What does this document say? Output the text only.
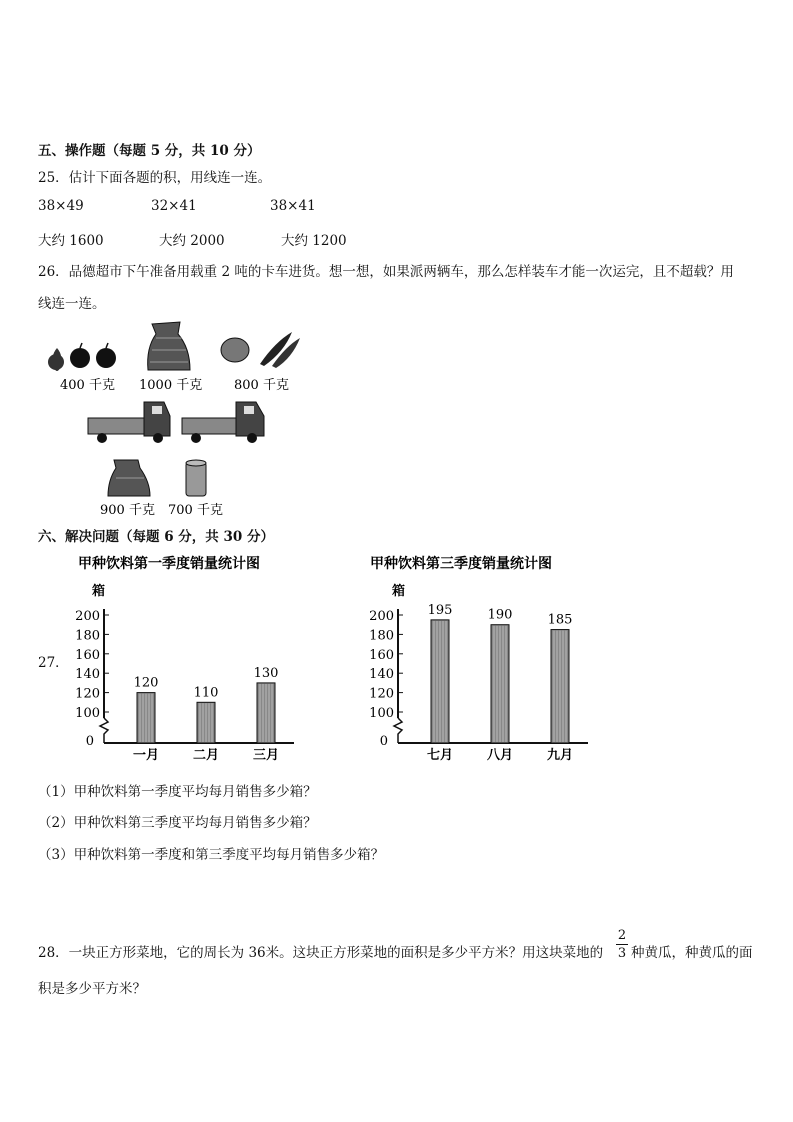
五、操作题（每题 5 分，共 10 分）
25．估计下面各题的积，用线连一连。
38×49	32×41	38×41
大约 1600	大约 2000	大约 1200
26．品德超市下午准备用载重 2 吨的卡车进货。想一想，如果派两辆车，那么怎样装车才能一次运完，且不超载？用
线连一连。
400 千克 1000 千克 800 千克
900 千克 700 千克
六、解决问题（每题 6 分，共 30 分）
27．
甲种饮料第一季度销量统计图
箱
0
100
120
140
160
180
200
120
一月
110
二月
130
三月
甲种饮料第三季度销量统计图
箱
0
100
120
140
160
180
200	195
七月
190
八月
185
九月
（1）甲种饮料第一季度平均每月销售多少箱？
（2）甲种饮料第三季度平均每月销售多少箱？
（3）甲种饮料第一季度和第三季度平均每月销售多少箱？
28．一块正方形菜地，它的周长为 36米。这块正方形菜地的面积是多少平方米？用这块菜地的
2
3 种黄瓜，种黄瓜的面
积是多少平方米？
